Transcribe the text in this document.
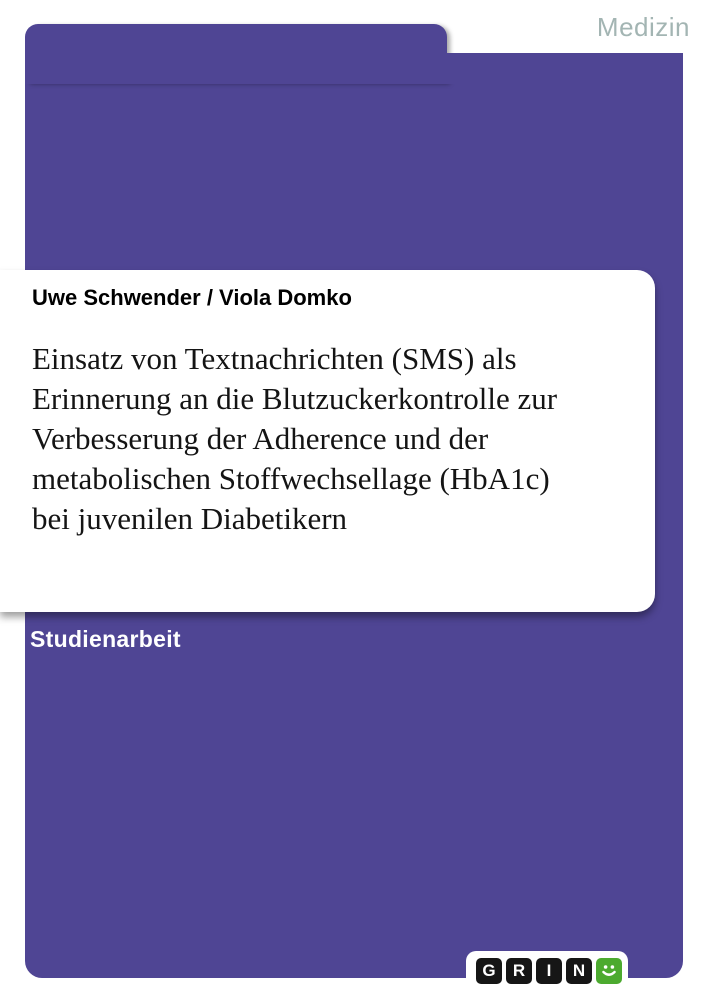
Medizin
Uwe Schwender / Viola Domko
Einsatz von Textnachrichten (SMS) als
Erinnerung an die Blutzuckerkontrolle zur
Verbesserung der Adherence und der
metabolischen Stoffwechsellage (HbA1c)
bei juvenilen Diabetikern
Studienarbeit
G	R	I	N
